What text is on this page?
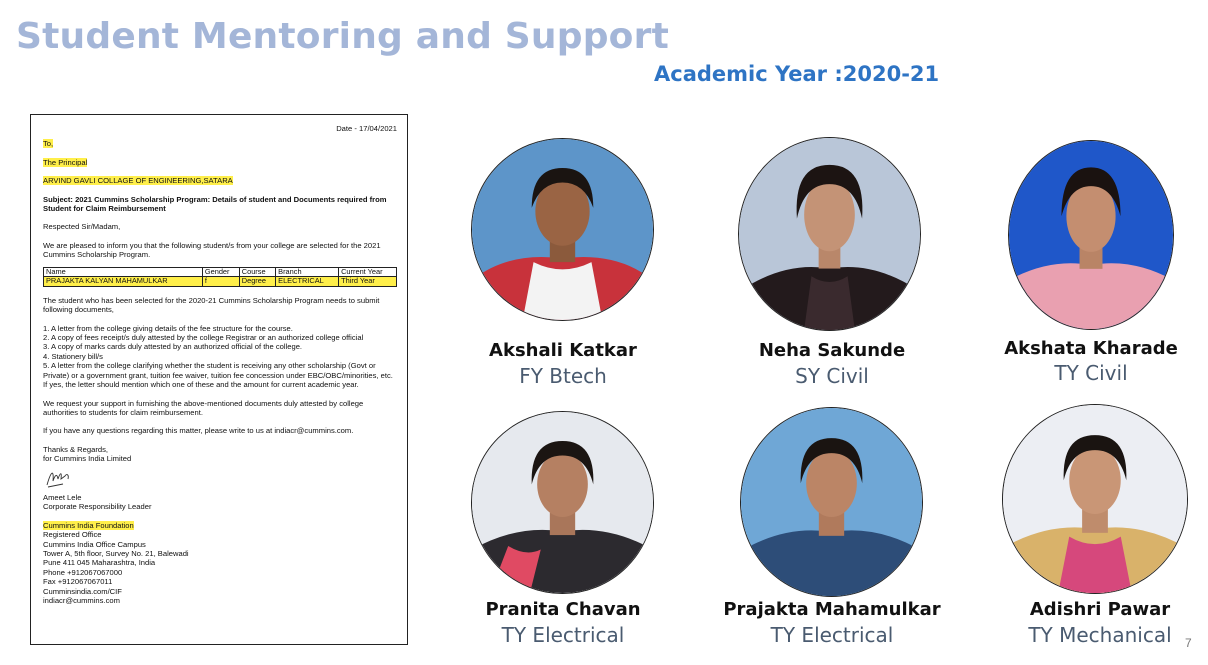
Student Mentoring and Support
Academic Year :2020-21

Date - 17/04/2021

To,

The Principal

ARVIND GAVLI COLLAGE OF ENGINEERING,SATARA

Subject: 2021 Cummins Scholarship Program: Details of student and Documents required from Student for Claim Reimbursement

Respected Sir/Madam,

We are pleased to inform you that the following student/s from your college are selected for the 2021 Cummins Scholarship Program.

Name	Gender	Course	Branch	Current Year
PRAJAKTA KALYAN MAHAMULKAR	f	Degree	ELECTRICAL	Third Year

The student who has been selected for the 2020-21 Cummins Scholarship Program needs to submit following documents,

1. A letter from the college giving details of the fee structure for the course.

2. A copy of fees receipt/s duly attested by the college Registrar or an authorized college official

3. A copy of marks cards duly attested by an authorized official of the college.

4. Stationery bill/s

5. A letter from the college clarifying whether the student is receiving any other scholarship (Govt or Private) or a government grant, tuition fee waiver, tuition fee concession under EBC/OBC/minorities, etc. If yes, the letter should mention which one of these and the amount for current academic year.

We request your support in furnishing the above-mentioned documents duly attested by college authorities to students for claim reimbursement.

If you have any questions regarding this matter, please write to us at indiacr@cummins.com.

Thanks & Regards,

for Cummins India Limited

Ameet Lele

Corporate Responsibility Leader

Cummins India Foundation

Registered Office

Cummins India Office Campus

Tower A, 5th floor, Survey No. 21, Balewadi

Pune 411 045 Maharashtra, India

Phone +912067067000

Fax +912067067011

Cumminsindia.com/CIF

indiacr@cummins.com

Akshali Katkar
FY Btech
Neha Sakunde
SY Civil
Akshata Kharade
TY Civil
Pranita Chavan
TY Electrical
Prajakta Mahamulkar
TY Electrical
Adishri Pawar
TY Mechanical	7
